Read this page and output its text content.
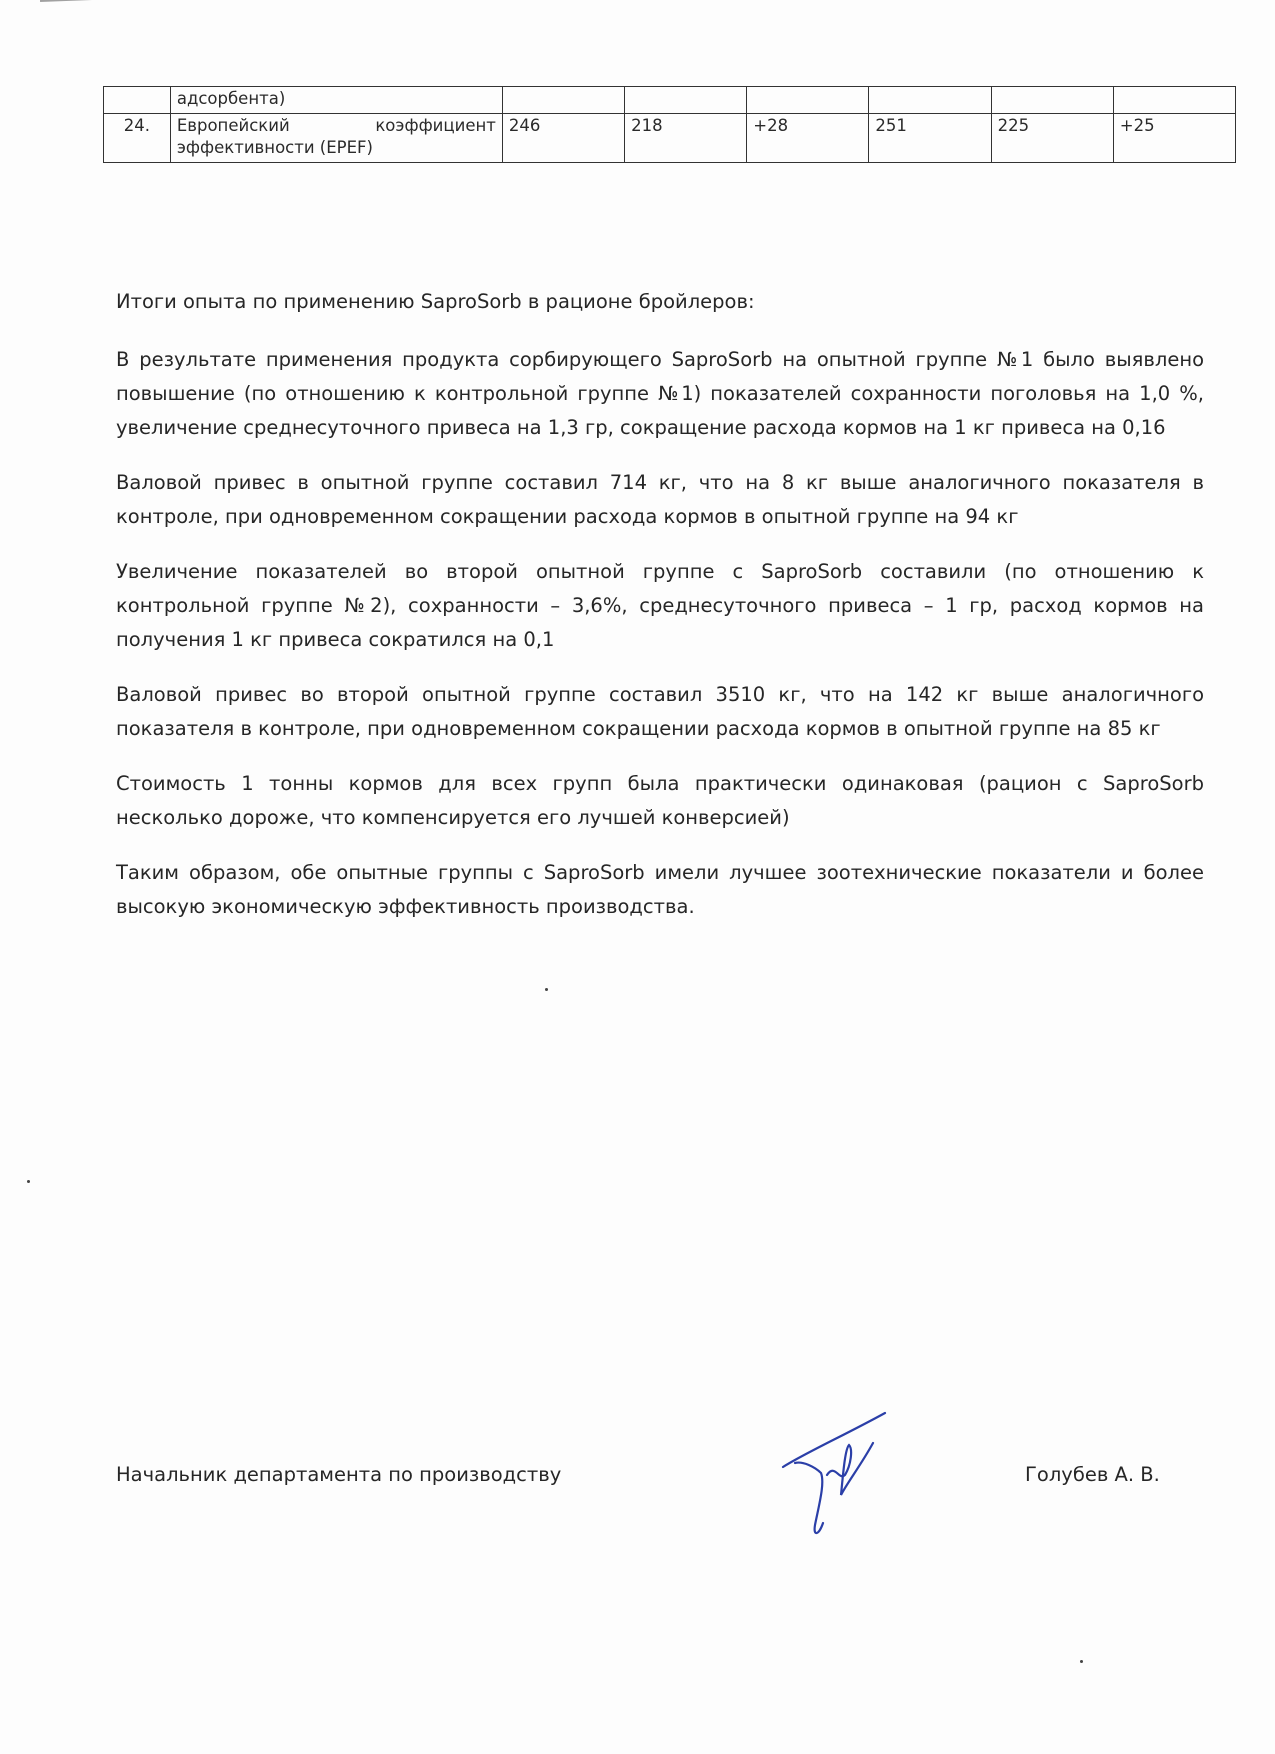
	адсорбента)						
24.	Европейский коэффициент
эффективности (EPEF)	246	218	+28	251	225	+25
Итоги опыта по применению SaproSorb в рационе бройлеров:

В результате применения продукта сорбирующего SaproSorb на опытной группе №1 было выявлено повышение (по отношению к контрольной группе №1) показателей сохранности поголовья на 1,0 %, увеличение среднесуточного привеса на 1,3 гр, сокращение расхода кормов на 1 кг привеса на 0,16

Валовой привес в опытной группе составил 714 кг, что на 8 кг выше аналогичного показателя в контроле, при одновременном сокращении расхода кормов в опытной группе на 94 кг

Увеличение показателей во второй опытной группе с SaproSorb составили (по отношению к контрольной группе №2), сохранности – 3,6%, среднесуточного привеса – 1 гр, расход кормов на получения 1 кг привеса сократился на 0,1

Валовой привес во второй опытной группе составил 3510 кг, что на 142 кг выше аналогичного показателя в контроле, при одновременном сокращении расхода кормов в опытной группе на 85 кг

Стоимость 1 тонны кормов для всех групп была практически одинаковая (рацион с SaproSorb несколько дороже, что компенсируется его лучшей конверсией)

Таким образом, обе опытные группы с SaproSorb имели лучшее зоотехнические показатели и более высокую экономическую эффективность производства.

Начальник департамента по производству	Голубев А. В.
